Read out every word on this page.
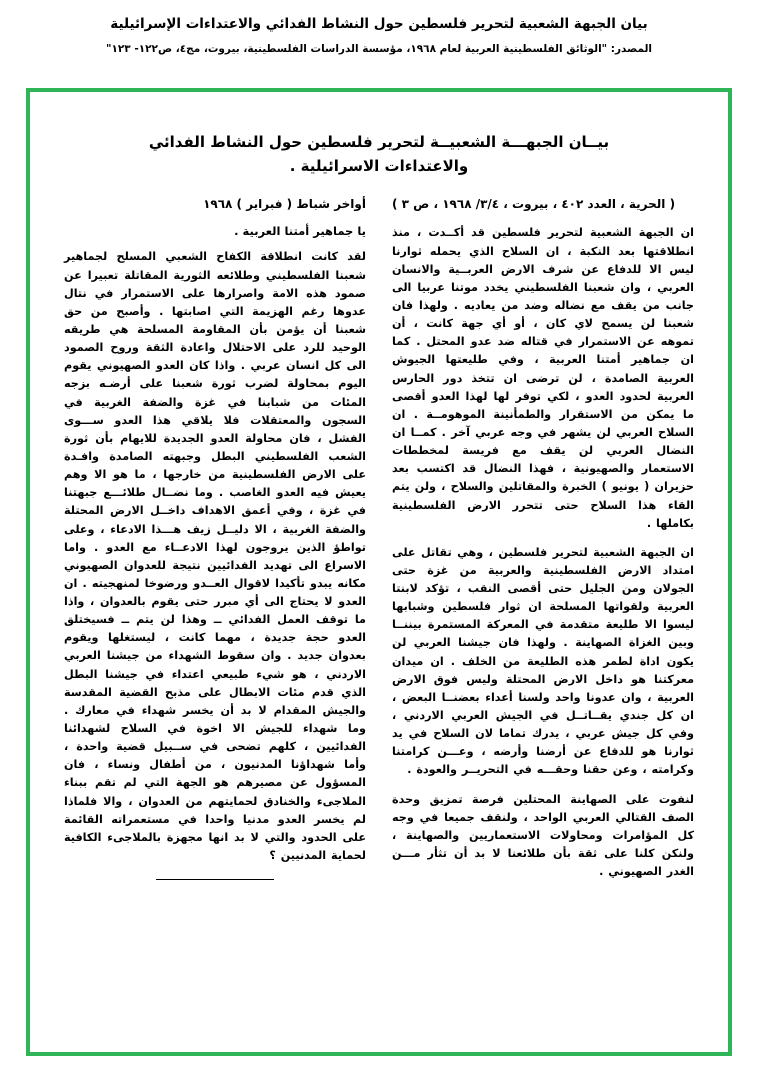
بيان الجبهة الشعبية لتحرير فلسطين حول النشاط الفدائي والاعتداءات الإسرائيلية
المصدر: "الوثائق الفلسطينية العربية لعام ١٩٦٨، مؤسسة الدراسات الفلسطينية، بيروت، مج٤، ص١٢٢- ١٢٣"
بيــان الجبهـــة الشعبيــة لتحرير فلسطين حول النشاط الفدائي والاعتداءات الاسرائيلية .
أواخر شباط ( فبراير ) ١٩٦٨
يا جماهير أمتنا العربية .

لقد كانت انطلاقة الكفاح الشعبي المسلح لجماهير شعبنا الفلسطيني وطلائعه الثورية المقاتلة تعبيرا عن صمود هذه الامة واصرارها على الاستمرار في نتال عدوها رغم الهزيمة التي اصابتها . وأصبح من حق شعبنا أن يؤمن بأن المقاومة المسلحة هي طريقه الوحيد للرد على الاحتلال واعادة الثقة وروح الصمود الى كل انسان عربي . واذا كان العدو الصهيوني يقوم اليوم بمحاولة لضرب ثورة شعبنا على أرضـه بزجه المئات من شبابنا في غزة والضفة الغربية في السجون والمعتقلات فلا يلاقي هذا العدو ســـوى الفشل ، فان محاولة العدو الجديدة للايهام بأن ثورة الشعب الفلسطيني البطل وجبهته الصامدة وافـدة على الارض الفلسطينية من خارجها ، ما هو الا وهم يعيش فيه العدو الغاصب . وما نضــال طلائـــع جبهتنا في غزة ، وفي أعمق الاهداف داخــل الارض المحتلة والضفة الغربية ، الا دليــل زيف هـــذا الادعاء ، وعلى تواطؤ الذين يروجون لهذا الادعــاء مع العدو . واما الاسراع الى تهديد الفدائيين نتيجة للعدوان الصهيوني مكانه يبدو تأكيدا لاقوال العــدو ورضوخا لمنهجيته . ان العدو لا يحتاج الى أي مبرر حتى يقوم بالعدوان ، واذا ما توقف العمل الفدائي ــ وهذا لن يتم ــ فسيختلق العدو حجة جديدة ، مهما كانت ، ليستغلها ويقوم بعدوان جديد . وان سقوط الشهداء من جيشنا العربي الاردني ، هو شيء طبيعي اعتداء في جيشنا البطل الذي قدم مئات الابطال على مذبح القضية المقدسة والجيش المقدام لا بد أن يخسر شهداء في معارك . وما شهداء للجيش الا اخوة في السلاح لشهدائنا الفدائيين ، كلهم تضحى في ســبيل قضية واحدة ، وأما شهداؤنا المدنيون ، من أطفال ونساء ، فان المسؤول عن مصيرهم هو الجهة التي لم تقم ببناء الملاجىء والخنادق لحمايتهم من العدوان ، والا فلماذا لم يخسر العدو مدنيا واحدا في مستعمراته القائمة على الحدود والتي لا بد انها مجهزة بالملاجىء الكافية لحماية المدنيين ؟

( الحرية ، العدد ٤٠٢ ، بيروت ، ٣/٤/ ١٩٦٨ ، ص ٣ )

ان الجبهة الشعبية لتحرير فلسطين قد أكــدت ، منذ انطلاقتها بعد النكبة ، ان السلاح الذي يحمله ثوارنا ليس الا للدفاع عن شرف الارض العربــية والانسان العربي ، وان شعبنا الفلسطيني يخدد موتنا عربيا الى جانب من يقف مع نضاله وضد من يعاديه . ولهذا فان شعبنا لن يسمح لاي كان ، أو أي جهة كانت ، أن تموهه عن الاستمرار في قتاله ضد عدو المحتل . كما ان جماهير أمتنا العربية ، وفي طليعتها الجيوش العربية الصامدة ، لن ترضى ان تتخذ دور الحارس العربية لحدود العدو ، لكي توفر لها لهذا العدو أقصى ما يمكن من الاستقرار والطمأنينة الموهومــة . ان السلاح العربي لن يشهر في وجه عربي آخر . كمــا ان النضال العربي لن يقف مع فريسة لمخططات الاستعمار والصهيونية ، فهذا النضال قد اكتسب بعد حزيران ( يونيو ) الخبرة والمقاتلين والسلاح ، ولن يتم القاء هذا السلاح حتى تتحرر الارض الفلسطينية بكاملها .

ان الجبهة الشعبية لتحرير فلسطين ، وهي تقاتل على امتداد الارض الفلسطينية والعربية من غزة حتى الجولان ومن الجليل حتى أقصى النقب ، تؤكد لابنتا العربية ولقواتها المسلحة ان ثوار فلسطين وشبابها ليسوا الا طليعة متقدمة في المعركة المستمرة بيننــا وبين الغزاة الصهاينة . ولهذا فان جيشنا العربي لن يكون اداة لطمر هذه الطليعة من الخلف . ان ميدان معركتنا هو داخل الارض المحتلة وليس فوق الارض العربية ، وان عدونا واحد ولسنا أعداء بعضنــا البعض ، ان كل جندي يقــاتــل في الجيش العربي الاردني ، وفي كل جيش عربي ، يدرك تماما لان السلاح في يد ثوارنا هو للدفاع عن أرضنا وأرضه ، وعـــن كرامتنا وكرامته ، وعن حقنا وحقـــه في التحريــر والعودة .

لنفوت على الصهاينة المحتلين فرصة تمزيق وحدة الصف القتالي العربي الواحد ، ولنقف جميعا في وجه كل المؤامرات ومحاولات الاستعماريين والصهاينة ، ولنكن كلنا على ثقة بأن طلائعنا لا بد أن تثأر مـــن الغدر الصهيوني .
